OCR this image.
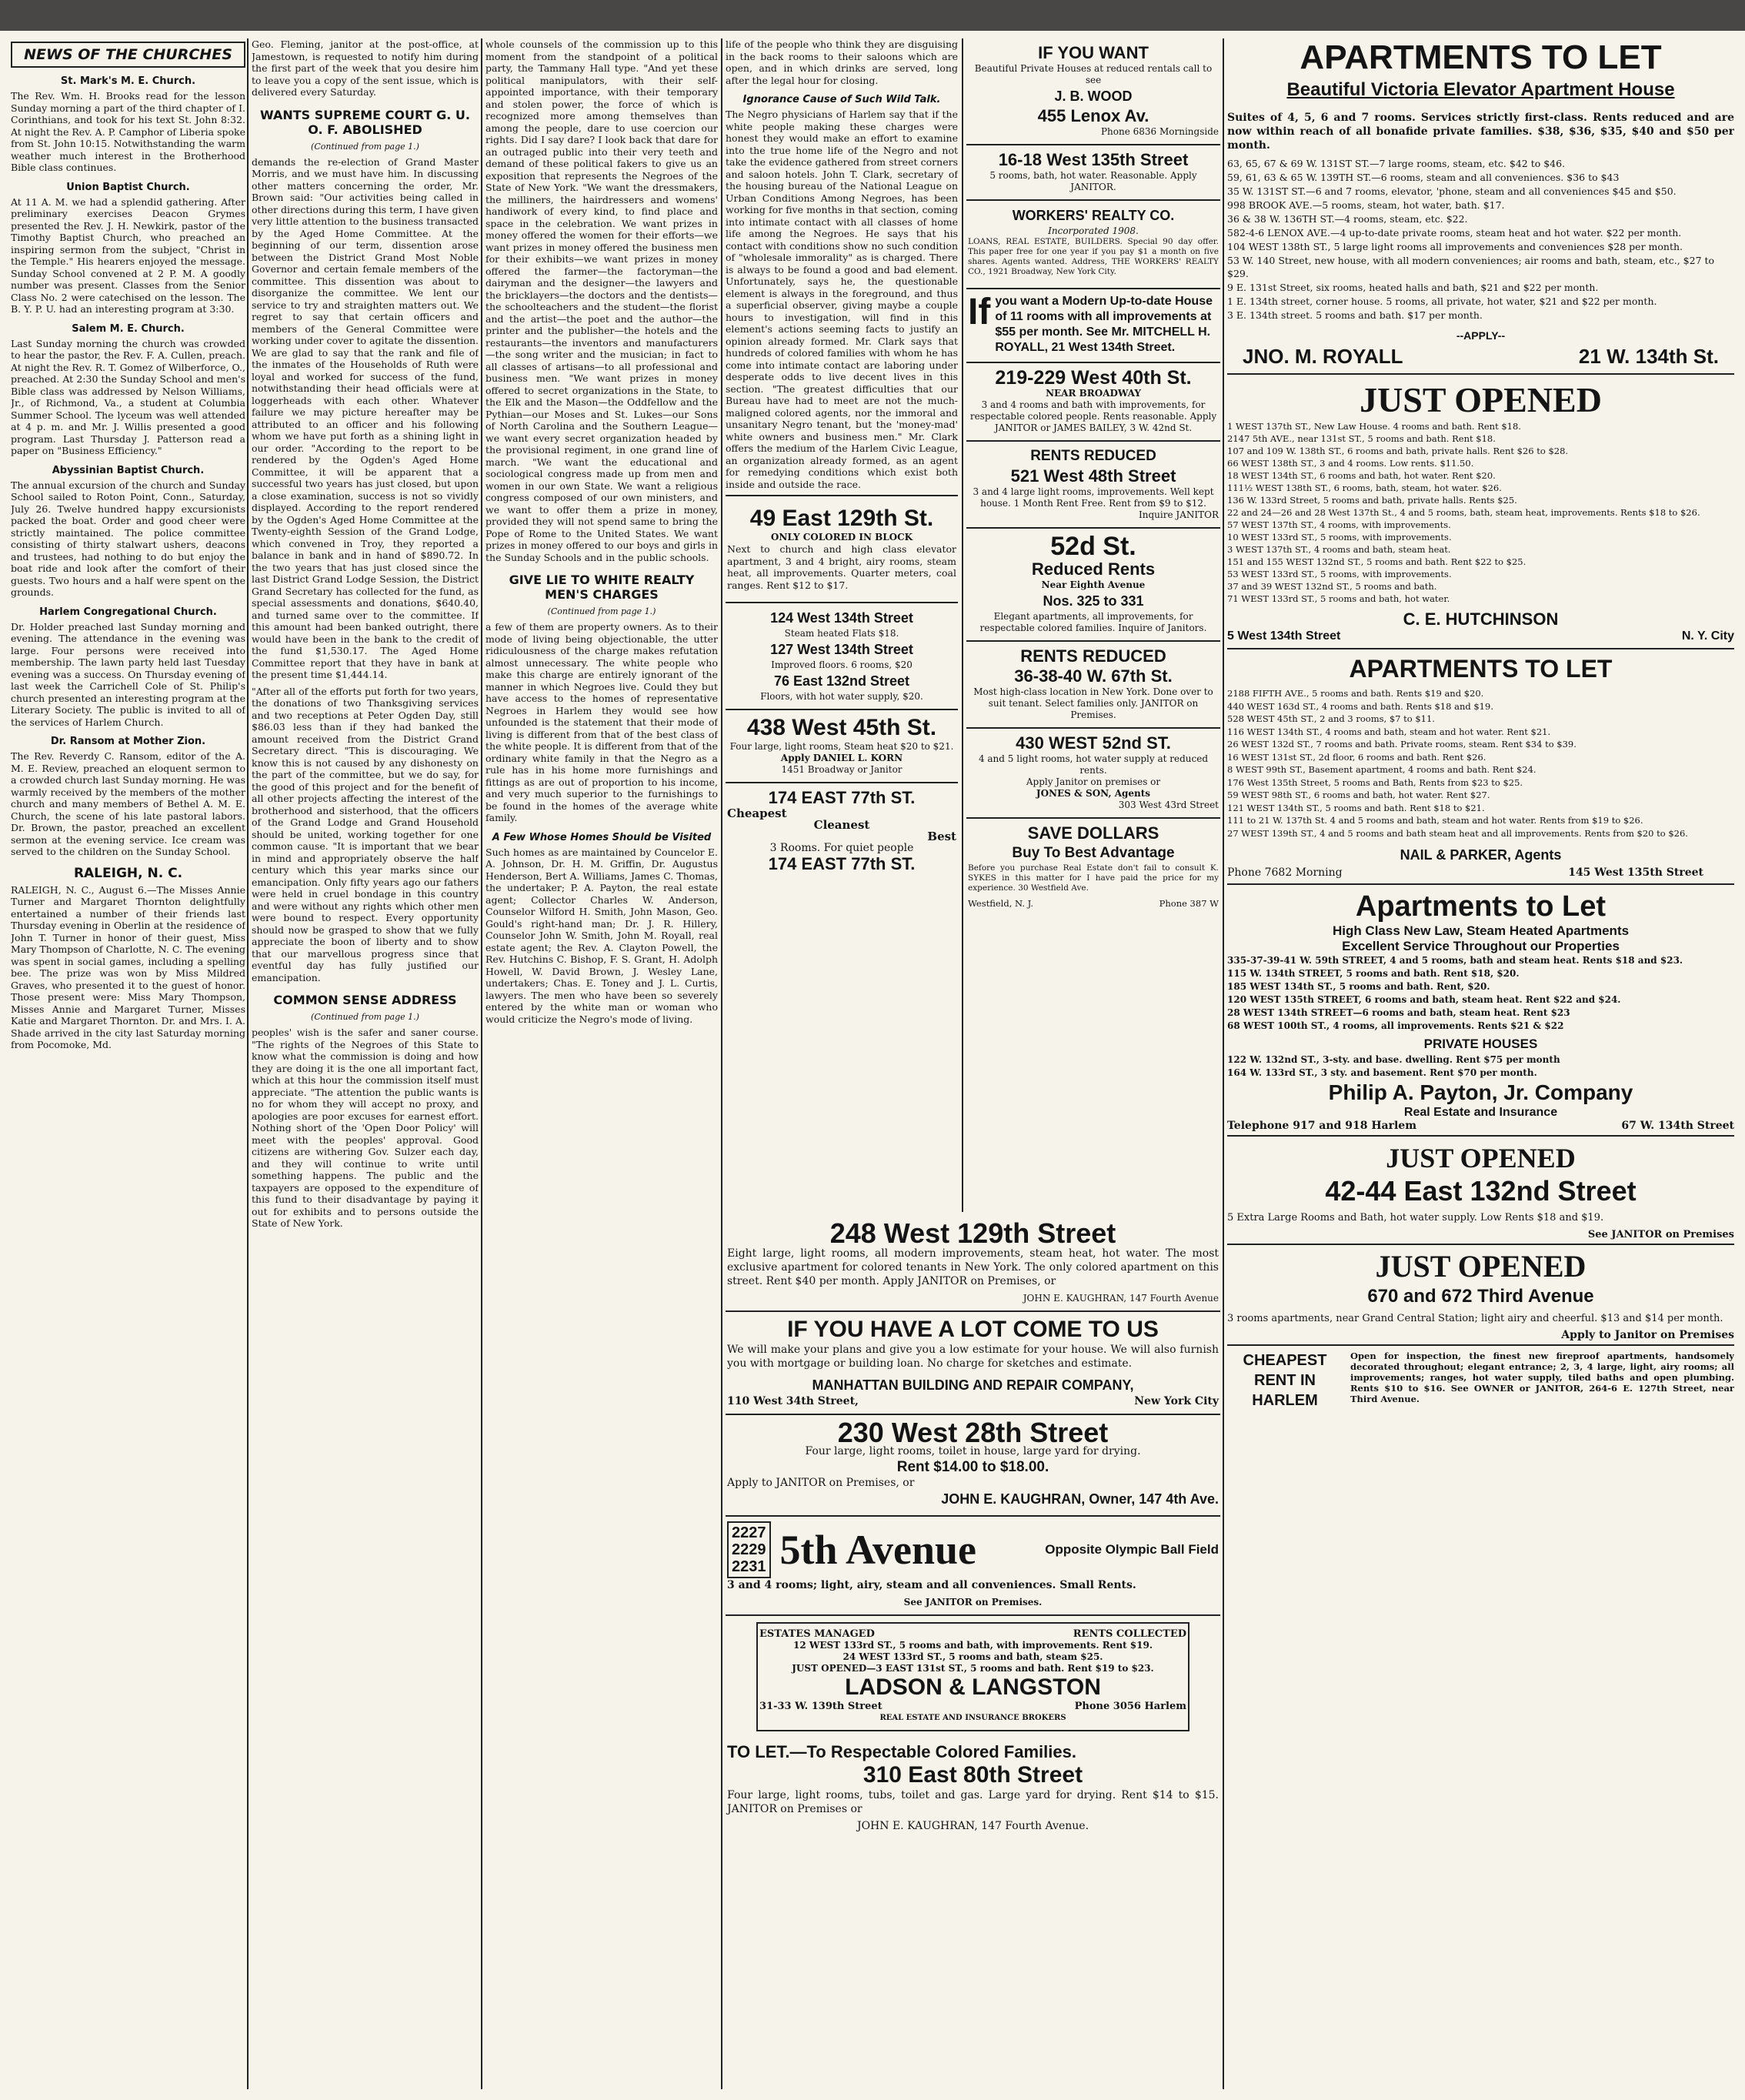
NEWS OF THE CHURCHES
St. Mark's M. E. Church.

The Rev. Wm. H. Brooks read for the lesson Sunday morning a part of the third chapter of I. Corinthians, and took for his text St. John 8:32. At night the Rev. A. P. Camphor of Liberia spoke from St. John 10:15. Notwithstanding the warm weather much interest in the Brotherhood Bible class continues.

Union Baptist Church.

At 11 A. M. we had a splendid gathering. After preliminary exercises Deacon Grymes presented the Rev. J. H. Newkirk, pastor of the Timothy Baptist Church, who preached an inspiring sermon from the subject, "Christ in the Temple." His hearers enjoyed the message. Sunday School convened at 2 P. M. A goodly number was present. Classes from the Senior Class No. 2 were catechised on the lesson. The B. Y. P. U. had an interesting program at 3:30.

Salem M. E. Church.

Last Sunday morning the church was crowded to hear the pastor, the Rev. F. A. Cullen, preach. At night the Rev. R. T. Gomez of Wilberforce, O., preached. At 2:30 the Sunday School and men's Bible class was addressed by Nelson Williams, Jr., of Richmond, Va., a student at Columbia Summer School. The lyceum was well attended at 4 p. m. and Mr. J. Willis presented a good program. Last Thursday J. Patterson read a paper on "Business Efficiency."

Abyssinian Baptist Church.

The annual excursion of the church and Sunday School sailed to Roton Point, Conn., Saturday, July 26. Twelve hundred happy excursionists packed the boat. Order and good cheer were strictly maintained. The police committee consisting of thirty stalwart ushers, deacons and trustees, had nothing to do but enjoy the boat ride and look after the comfort of their guests. Two hours and a half were spent on the grounds.

Harlem Congregational Church.

Dr. Holder preached last Sunday morning and evening. The attendance in the evening was large. Four persons were received into membership. The lawn party held last Tuesday evening was a success. On Thursday evening of last week the Carrichell Cole of St. Philip's church presented an interesting program at the Literary Society. The public is invited to all of the services of Harlem Church.

Dr. Ransom at Mother Zion.

The Rev. Reverdy C. Ransom, editor of the A. M. E. Review, preached an eloquent sermon to a crowded church last Sunday morning. He was warmly received by the members of the mother church and many members of Bethel A. M. E. Church, the scene of his late pastoral labors. Dr. Brown, the pastor, preached an excellent sermon at the evening service. Ice cream was served to the children on the Sunday School.

RALEIGH, N. C.

RALEIGH, N. C., August 6.—The Misses Annie Turner and Margaret Thornton delightfully entertained a number of their friends last Thursday evening in Oberlin at the residence of John T. Turner in honor of their guest, Miss Mary Thompson of Charlotte, N. C. The evening was spent in social games, including a spelling bee. The prize was won by Miss Mildred Graves, who presented it to the guest of honor. Those present were: Miss Mary Thompson, Misses Annie and Margaret Turner, Misses Katie and Margaret Thornton. Dr. and Mrs. I. A. Shade arrived in the city last Saturday morning from Pocomoke, Md.

Geo. Fleming, janitor at the post-office, at Jamestown, is requested to notify him during the first part of the week that you desire him to leave you a copy of the sent issue, which is delivered every Saturday.

WANTS SUPREME COURT G. U. O. F. ABOLISHED
(Continued from page 1.)

demands the re-election of Grand Master Morris, and we must have him. In discussing other matters concerning the order, Mr. Brown said: "Our activities being called in other directions during this term, I have given very little attention to the business transacted by the Aged Home Committee. At the beginning of our term, dissention arose between the District Grand Most Noble Governor and certain female members of the committee. This dissention was about to disorganize the committee. We lent our service to try and straighten matters out. We regret to say that certain officers and members of the General Committee were working under cover to agitate the dissention. We are glad to say that the rank and file of the inmates of the Households of Ruth were loyal and worked for success of the fund, notwithstanding their head officials were at loggerheads with each other. Whatever failure we may picture hereafter may be attributed to an officer and his following whom we have put forth as a shining light in our order. "According to the report to be rendered by the Ogden's Aged Home Committee, it will be apparent that a successful two years has just closed, but upon a close examination, success is not so vividly displayed. According to the report rendered by the Ogden's Aged Home Committee at the Twenty-eighth Session of the Grand Lodge, which convened in Troy, they reported a balance in bank and in hand of $890.72. In the two years that has just closed since the last District Grand Lodge Session, the District Grand Secretary has collected for the fund, as special assessments and donations, $640.40, and turned same over to the committee. If this amount had been banked outright, there would have been in the bank to the credit of the fund $1,530.17. The Aged Home Committee report that they have in bank at the present time $1,444.14.

"After all of the efforts put forth for two years, the donations of two Thanksgiving services and two receptions at Peter Ogden Day, still $86.03 less than if they had banked the amount received from the District Grand Secretary direct. "This is discouraging. We know this is not caused by any dishonesty on the part of the committee, but we do say, for the good of this project and for the benefit of all other projects affecting the interest of the brotherhood and sisterhood, that the officers of the Grand Lodge and Grand Household should be united, working together for one common cause. "It is important that we bear in mind and appropriately observe the half century which this year marks since our emancipation. Only fifty years ago our fathers were held in cruel bondage in this country and were without any rights which other men were bound to respect. Every opportunity should now be grasped to show that we fully appreciate the boon of liberty and to show that our marvellous progress since that eventful day has fully justified our emancipation.

COMMON SENSE ADDRESS
(Continued from page 1.)

peoples' wish is the safer and saner course. "The rights of the Negroes of this State to know what the commission is doing and how they are doing it is the one all important fact, which at this hour the commission itself must appreciate. "The attention the public wants is no for whom they will accept no proxy, and apologies are poor excuses for earnest effort. Nothing short of the 'Open Door Policy' will meet with the peoples' approval. Good citizens are withering Gov. Sulzer each day, and they will continue to write until something happens. The public and the taxpayers are opposed to the expenditure of this fund to their disadvantage by paying it out for exhibits and to persons outside the State of New York.

whole counsels of the commission up to this moment from the standpoint of a political party, the Tammany Hall type. "And yet these political manipulators, with their self-appointed importance, with their temporary and stolen power, the force of which is recognized more among themselves than among the people, dare to use coercion our rights. Did I say dare? I look back that dare for an outraged public into their very teeth and demand of these political fakers to give us an exposition that represents the Negroes of the State of New York. "We want the dressmakers, the milliners, the hairdressers and womens' handiwork of every kind, to find place and space in the celebration. We want prizes in money offered the women for their efforts—we want prizes in money offered the business men for their exhibits—we want prizes in money offered the farmer—the factoryman—the dairyman and the designer—the lawyers and the bricklayers—the doctors and the dentists—the schoolteachers and the student—the florist and the artist—the poet and the author—the printer and the publisher—the hotels and the restaurants—the inventors and manufacturers—the song writer and the musician; in fact to all classes of artisans—to all professional and business men. "We want prizes in money offered to secret organizations in the State, to the Elk and the Mason—the Oddfellow and the Pythian—our Moses and St. Lukes—our Sons of North Carolina and the Southern League—we want every secret organization headed by the provisional regiment, in one grand line of march. "We want the educational and sociological congress made up from men and women in our own State. We want a religious congress composed of our own ministers, and we want to offer them a prize in money, provided they will not spend same to bring the Pope of Rome to the United States. We want prizes in money offered to our boys and girls in the Sunday Schools and in the public schools.

GIVE LIE TO WHITE REALTY MEN'S CHARGES
(Continued from page 1.)

a few of them are property owners. As to their mode of living being objectionable, the utter ridiculousness of the charge makes refutation almost unnecessary. The white people who make this charge are entirely ignorant of the manner in which Negroes live. Could they but have access to the homes of representative Negroes in Harlem they would see how unfounded is the statement that their mode of living is different from that of the best class of the white people. It is different from that of the ordinary white family in that the Negro as a rule has in his home more furnishings and fittings as are out of proportion to his income, and very much superior to the furnishings to be found in the homes of the average white family.

A Few Whose Homes Should be Visited

Such homes as are maintained by Councelor E. A. Johnson, Dr. H. M. Griffin, Dr. Augustus Henderson, Bert A. Williams, James C. Thomas, the undertaker; P. A. Payton, the real estate agent; Collector Charles W. Anderson, Counselor Wilford H. Smith, John Mason, Geo. Gould's right-hand man; Dr. J. R. Hillery, Counselor John W. Smith, John M. Royall, real estate agent; the Rev. A. Clayton Powell, the Rev. Hutchins C. Bishop, F. S. Grant, H. Adolph Howell, W. David Brown, J. Wesley Lane, undertakers; Chas. E. Toney and J. L. Curtis, lawyers. The men who have been so severely entered by the white man or woman who would criticize the Negro's mode of living.

life of the people who think they are disguising in the back rooms to their saloons which are open, and in which drinks are served, long after the legal hour for closing.

Ignorance Cause of Such Wild Talk.

The Negro physicians of Harlem say that if the white people making these charges were honest they would make an effort to examine into the true home life of the Negro and not take the evidence gathered from street corners and saloon hotels. John T. Clark, secretary of the housing bureau of the National League on Urban Conditions Among Negroes, has been working for five months in that section, coming into intimate contact with all classes of home life among the Negroes. He says that his contact with conditions show no such condition of "wholesale immorality" as is charged. There is always to be found a good and bad element. Unfortunately, says he, the questionable element is always in the foreground, and thus a superficial observer, giving maybe a couple hours to investigation, will find in this element's actions seeming facts to justify an opinion already formed. Mr. Clark says that hundreds of colored families with whom he has come into intimate contact are laboring under desperate odds to live decent lives in this section. "The greatest difficulties that our Bureau have had to meet are not the much-maligned colored agents, nor the immoral and unsanitary Negro tenant, but the 'money-mad' white owners and business men." Mr. Clark offers the medium of the Harlem Civic League, an organization already formed, as an agent for remedying conditions which exist both inside and outside the race.

49 East 129th St.
ONLY COLORED IN BLOCK

Next to church and high class elevator apartment, 3 and 4 bright, airy rooms, steam heat, all improvements. Quarter meters, coal ranges. Rent $12 to $17.

124 West 134th Street
Steam heated Flats $18.
127 West 134th Street
Improved floors. 6 rooms, $20
76 East 132nd Street
Floors, with hot water supply, $20.
438 West 45th St.
Four large, light rooms, Steam heat $20 to $21.
Apply DANIEL L. KORN
1451 Broadway or Janitor
174 EAST 77th ST.
Cheapest
Cleanest
Best
3 Rooms. For quiet people
174 EAST 77th ST.
IF YOU WANT
Beautiful Private Houses at reduced rentals call to see
J. B. WOOD
455 Lenox Av.
Phone 6836 Morningside
16-18 West 135th Street
5 rooms, bath, hot water. Reasonable. Apply JANITOR.
WORKERS' REALTY CO.
Incorporated 1908.

LOANS, REAL ESTATE, BUILDERS. Special 90 day offer. This paper free for one year if you pay $1 a month on five shares. Agents wanted. Address, THE WORKERS' REALTY CO., 1921 Broadway, New York City.

If you want a Modern Up-to-date House of 11 rooms with all improvements at $55 per month. See Mr. MITCHELL H. ROYALL, 21 West 134th Street.
219-229 West 40th St.
NEAR BROADWAY
3 and 4 rooms and bath with improvements, for respectable colored people. Rents reasonable. Apply JANITOR or JAMES BAILEY, 3 W. 42nd St.
RENTS REDUCED
521 West 48th Street
3 and 4 large light rooms, improvements. Well kept house. 1 Month Rent Free. Rent from $9 to $12.
Inquire JANITOR
52d St.
Reduced Rents
Near Eighth Avenue
Nos. 325 to 331
Elegant apartments, all improvements, for respectable colored families. Inquire of Janitors.
RENTS REDUCED
36-38-40 W. 67th St.
Most high-class location in New York. Done over to suit tenant. Select families only. JANITOR on Premises.
430 WEST 52nd ST.
4 and 5 light rooms, hot water supply at reduced rents.
Apply Janitor on premises or
JONES & SON, Agents
303 West 43rd Street
SAVE DOLLARS
Buy To Best Advantage

Before you purchase Real Estate don't fail to consult K. SYKES in this matter for I have paid the price for my experience. 30 Westfield Ave.

Westfield, N. J.	Phone 387 W
248 West 129th Street

Eight large, light rooms, all modern improvements, steam heat, hot water. The most exclusive apartment for colored tenants in New York. The only colored apartment on this street. Rent $40 per month. Apply JANITOR on Premises, or

JOHN E. KAUGHRAN, 147 Fourth Avenue
IF YOU HAVE A LOT COME TO US

We will make your plans and give you a low estimate for your house. We will also furnish you with mortgage or building loan. No charge for sketches and estimate.

MANHATTAN BUILDING AND REPAIR COMPANY,
110 West 34th Street,	New York City
230 West 28th Street
Four large, light rooms, toilet in house, large yard for drying.
Rent $14.00 to $18.00.
Apply to JANITOR on Premises, or
JOHN E. KAUGHRAN, Owner, 147 4th Ave.
2227
2229
2231 5th Avenue	Opposite Olympic Ball Field

3 and 4 rooms; light, airy, steam and all conveniences. Small Rents.

See JANITOR on Premises.
ESTATES MANAGED	RENTS COLLECTED
12 WEST 133rd ST., 5 rooms and bath, with improvements. Rent $19.
24 WEST 133rd ST., 5 rooms and bath, steam $25.
JUST OPENED—3 EAST 131st ST., 5 rooms and bath. Rent $19 to $23.
LADSON & LANGSTON
31-33 W. 139th Street	Phone 3056 Harlem
REAL ESTATE AND INSURANCE BROKERS
TO LET.—To Respectable Colored Families.
310 East 80th Street

Four large, light rooms, tubs, toilet and gas. Large yard for drying. Rent $14 to $15. JANITOR on Premises or

JOHN E. KAUGHRAN, 147 Fourth Avenue.
APARTMENTS TO LET
Beautiful Victoria Elevator Apartment House

Suites of 4, 5, 6 and 7 rooms. Services strictly first-class. Rents reduced and are now within reach of all bonafide private families. $38, $36, $35, $40 and $50 per month.

63, 65, 67 & 69 W. 131ST ST.—7 large rooms, steam, etc. $42 to $46.
59, 61, 63 & 65 W. 139TH ST.—6 rooms, steam and all conveniences. $36 to $43
35 W. 131ST ST.—6 and 7 rooms, elevator, 'phone, steam and all conveniences $45 and $50.
998 BROOK AVE.—5 rooms, steam, hot water, bath. $17.
36 & 38 W. 136TH ST.—4 rooms, steam, etc. $22.
582-4-6 LENOX AVE.—4 up-to-date private rooms, steam heat and hot water. $22 per month.
104 WEST 138th ST., 5 large light rooms all improvements and conveniences $28 per month.
53 W. 140 Street, new house, with all modern conveniences; air rooms and bath, steam, etc., $27 to $29.
9 E. 131st Street, six rooms, heated halls and bath, $21 and $22 per month.
1 E. 134th street, corner house. 5 rooms, all private, hot water, $21 and $22 per month.
3 E. 134th street. 5 rooms and bath. $17 per month.
--APPLY--
JNO. M. ROYALL	21 W. 134th St.
JUST OPENED
1 WEST 137th ST., New Law House. 4 rooms and bath. Rent $18.
2147 5th AVE., near 131st ST., 5 rooms and bath. Rent $18.
107 and 109 W. 138th ST., 6 rooms and bath, private halls. Rent $26 to $28.
66 WEST 138th ST., 3 and 4 rooms. Low rents. $11.50.
18 WEST 134th ST., 6 rooms and bath, hot water. Rent $20.
111½ WEST 138th ST., 6 rooms, bath, steam, hot water. $26.
136 W. 133rd Street, 5 rooms and bath, private halls. Rents $25.
22 and 24—26 and 28 West 137th St., 4 and 5 rooms, bath, steam heat, improvements. Rents $18 to $26.
57 WEST 137th ST., 4 rooms, with improvements.
10 WEST 133rd ST., 5 rooms, with improvements.
3 WEST 137th ST., 4 rooms and bath, steam heat.
151 and 155 WEST 132nd ST., 5 rooms and bath. Rent $22 to $25.
53 WEST 133rd ST., 5 rooms, with improvements.
37 and 39 WEST 132nd ST., 5 rooms and bath.
71 WEST 133rd ST., 5 rooms and bath, hot water.
C. E. HUTCHINSON
5 West 134th Street	N. Y. City
APARTMENTS TO LET
2188 FIFTH AVE., 5 rooms and bath. Rents $19 and $20.
440 WEST 163d ST., 4 rooms and bath. Rents $18 and $19.
528 WEST 45th ST., 2 and 3 rooms, $7 to $11.
116 WEST 134th ST., 4 rooms and bath, steam and hot water. Rent $21.
26 WEST 132d ST., 7 rooms and bath. Private rooms, steam. Rent $34 to $39.
16 WEST 131st ST., 2d floor, 6 rooms and bath. Rent $26.
8 WEST 99th ST., Basement apartment, 4 rooms and bath. Rent $24.
176 West 135th Street, 5 rooms and Bath, Rents from $23 to $25.
59 WEST 98th ST., 6 rooms and bath, hot water. Rent $27.
121 WEST 134th ST., 5 rooms and bath. Rent $18 to $21.
111 to 21 W. 137th St. 4 and 5 rooms and bath, steam and hot water. Rents from $19 to $26.
27 WEST 139th ST., 4 and 5 rooms and bath steam heat and all improvements. Rents from $20 to $26.
NAIL & PARKER, Agents
Phone 7682 Morning	145 West 135th Street
Apartments to Let
High Class New Law, Steam Heated Apartments
Excellent Service Throughout our Properties
335-37-39-41 W. 59th STREET, 4 and 5 rooms, bath and steam heat. Rents $18 and $23.
115 W. 134th STREET, 5 rooms and bath. Rent $18, $20.
185 WEST 134th ST., 5 rooms and bath. Rent, $20.
120 WEST 135th STREET, 6 rooms and bath, steam heat. Rent $22 and $24.
28 WEST 134th STREET—6 rooms and bath, steam heat. Rent $23
68 WEST 100th ST., 4 rooms, all improvements. Rents $21 & $22
PRIVATE HOUSES
122 W. 132nd ST., 3-sty. and base. dwelling. Rent $75 per month
164 W. 133rd ST., 3 sty. and basement. Rent $70 per month.
Philip A. Payton, Jr. Company
Real Estate and Insurance
Telephone 917 and 918 Harlem	67 W. 134th Street
JUST OPENED
42-44 East 132nd Street

5 Extra Large Rooms and Bath, hot water supply. Low Rents $18 and $19.

See JANITOR on Premises
JUST OPENED
670 and 672 Third Avenue

3 rooms apartments, near Grand Central Station; light airy and cheerful. $13 and $14 per month.

Apply to Janitor on Premises
CHEAPEST
RENT IN
HARLEM

Open for inspection, the finest new fireproof apartments, handsomely decorated throughout; elegant entrance; 2, 3, 4 large, light, airy rooms; all improvements; ranges, hot water supply, tiled baths and open plumbing. Rents $10 to $16. See OWNER or JANITOR, 264-6 E. 127th Street, near Third Avenue.
